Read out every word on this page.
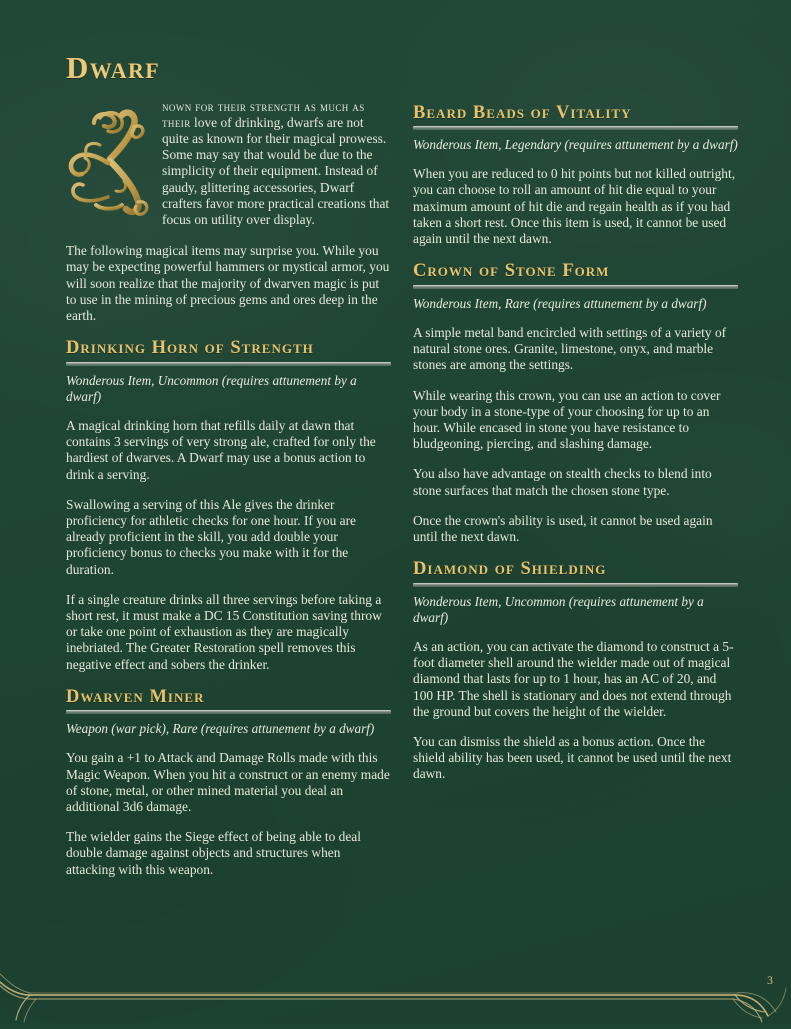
Dwarf
nown for their strength as much as their love of drinking, dwarfs are not quite as known for their magical prowess. Some may say that would be due to the simplicity of their equipment. Instead of gaudy, glittering accessories, Dwarf crafters favor more practical creations that focus on utility over display.

The following magical items may surprise you. While you may be expecting powerful hammers or mystical armor, you will soon realize that the majority of dwarven magic is put to use in the mining of precious gems and ores deep in the earth.

Drinking Horn of Strength

Wonderous Item, Uncommon (requires attunement by a dwarf)

A magical drinking horn that refills daily at dawn that contains 3 servings of very strong ale, crafted for only the hardiest of dwarves. A Dwarf may use a bonus action to drink a serving.

Swallowing a serving of this Ale gives the drinker proficiency for athletic checks for one hour. If you are already proficient in the skill, you add double your proficiency bonus to checks you make with it for the duration.

If a single creature drinks all three servings before taking a short rest, it must make a DC 15 Constitution saving throw or take one point of exhaustion as they are magically inebriated. The Greater Restoration spell removes this negative effect and sobers the drinker.

Dwarven Miner

Weapon (war pick), Rare (requires attunement by a dwarf)

You gain a +1 to Attack and Damage Rolls made with this Magic Weapon. When you hit a construct or an enemy made of stone, metal, or other mined material you deal an additional 3d6 damage.

The wielder gains the Siege effect of being able to deal double damage against objects and structures when attacking with this weapon.

Beard Beads of Vitality

Wonderous Item, Legendary (requires attunement by a dwarf)

When you are reduced to 0 hit points but not killed outright, you can choose to roll an amount of hit die equal to your maximum amount of hit die and regain health as if you had taken a short rest. Once this item is used, it cannot be used again until the next dawn.

Crown of Stone Form

Wonderous Item, Rare (requires attunement by a dwarf)

A simple metal band encircled with settings of a variety of natural stone ores. Granite, limestone, onyx, and marble stones are among the settings.

While wearing this crown, you can use an action to cover your body in a stone-type of your choosing for up to an hour. While encased in stone you have resistance to bludgeoning, piercing, and slashing damage.

You also have advantage on stealth checks to blend into stone surfaces that match the chosen stone type.

Once the crown's ability is used, it cannot be used again until the next dawn.

Diamond of Shielding

Wonderous Item, Uncommon (requires attunement by a dwarf)

As an action, you can activate the diamond to construct a 5-foot diameter shell around the wielder made out of magical diamond that lasts for up to 1 hour, has an AC of 20, and 100 HP. The shell is stationary and does not extend through the ground but covers the height of the wielder.

You can dismiss the shield as a bonus action. Once the shield ability has been used, it cannot be used until the next dawn.

3
